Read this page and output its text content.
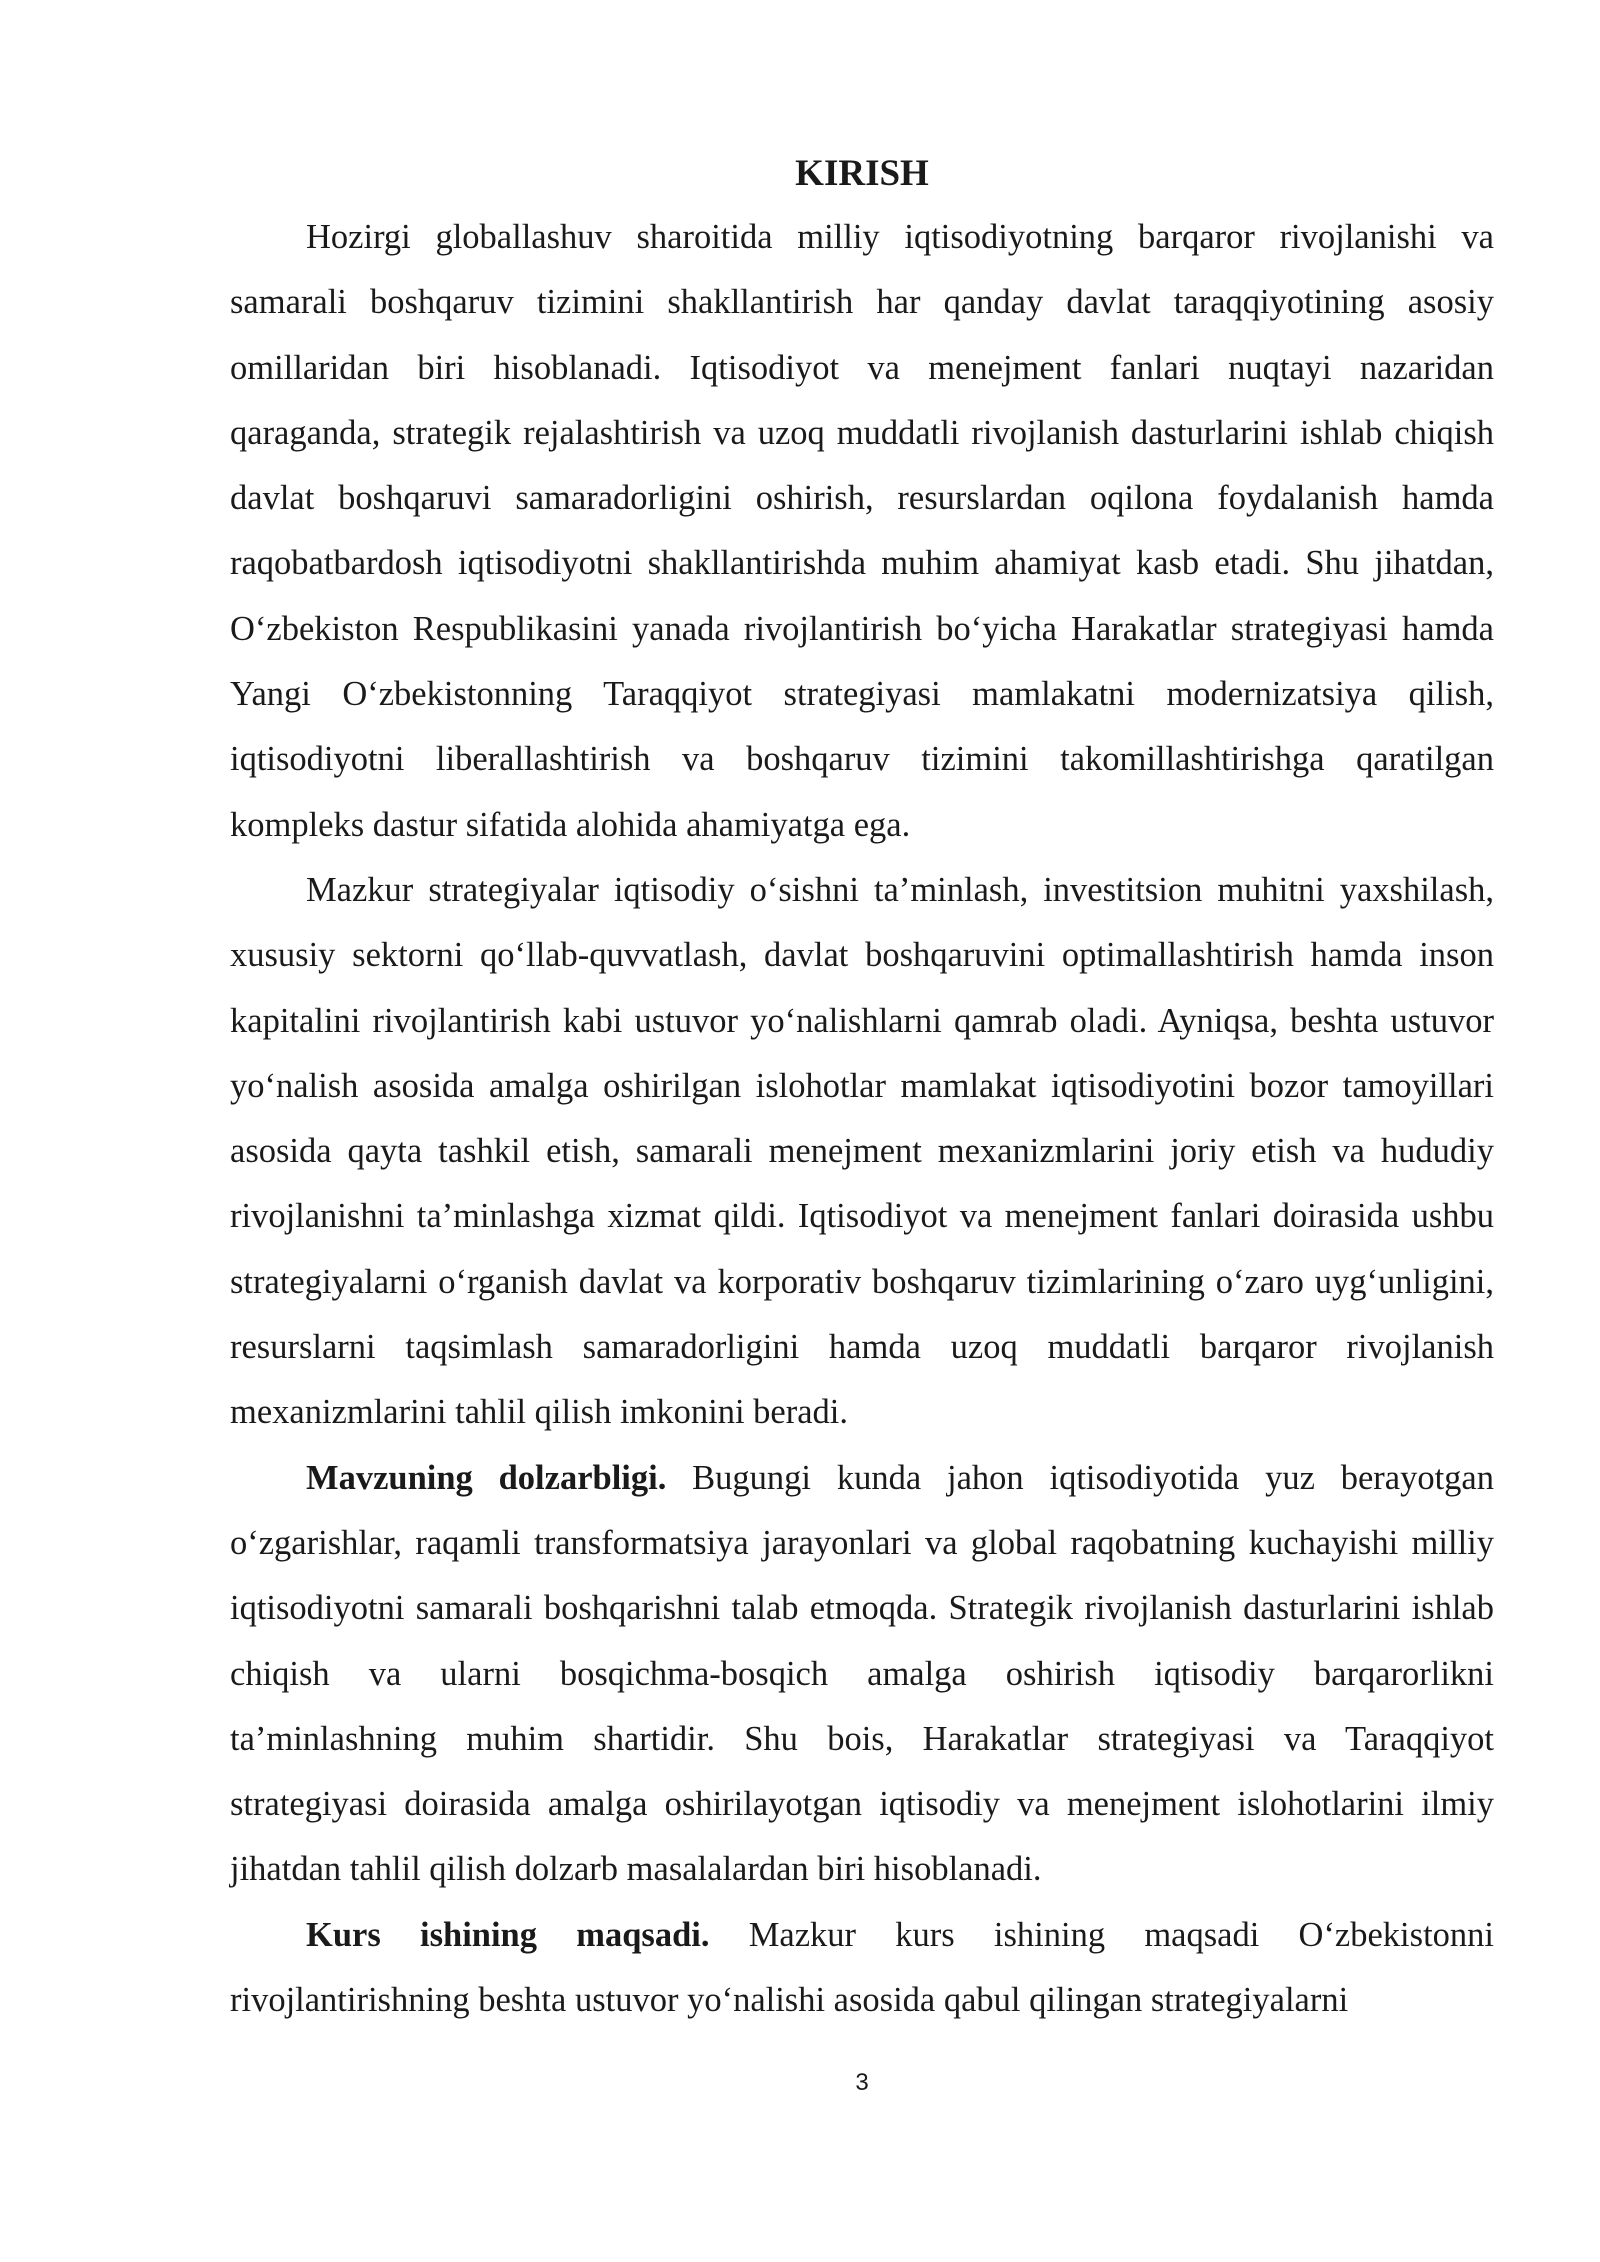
KIRISH

Hozirgi globallashuv sharoitida milliy iqtisodiyotning barqaror rivojlanishi va samarali boshqaruv tizimini shakllantirish har qanday davlat taraqqiyotining asosiy omillaridan biri hisoblanadi. Iqtisodiyot va menejment fanlari nuqtayi nazaridan qaraganda, strategik rejalashtirish va uzoq muddatli rivojlanish dasturlarini ishlab chiqish davlat boshqaruvi samaradorligini oshirish, resurslardan oqilona foydalanish hamda raqobatbardosh iqtisodiyotni shakllantirishda muhim ahamiyat kasb etadi. Shu jihatdan, O‘zbekiston Respublikasini yanada rivojlantirish bo‘yicha Harakatlar strategiyasi hamda Yangi O‘zbekistonning Taraqqiyot strategiyasi mamlakatni modernizatsiya qilish, iqtisodiyotni liberallashtirish va boshqaruv tizimini takomillashtirishga qaratilgan kompleks dastur sifatida alohida ahamiyatga ega.

Mazkur strategiyalar iqtisodiy o‘sishni ta’minlash, investitsion muhitni yaxshilash, xususiy sektorni qo‘llab-quvvatlash, davlat boshqaruvini optimallashtirish hamda inson kapitalini rivojlantirish kabi ustuvor yo‘nalishlarni qamrab oladi. Ayniqsa, beshta ustuvor yo‘nalish asosida amalga oshirilgan islohotlar mamlakat iqtisodiyotini bozor tamoyillari asosida qayta tashkil etish, samarali menejment mexanizmlarini joriy etish va hududiy rivojlanishni ta’minlashga xizmat qildi. Iqtisodiyot va menejment fanlari doirasida ushbu strategiyalarni o‘rganish davlat va korporativ boshqaruv tizimlarining o‘zaro uyg‘unligini, resurslarni taqsimlash samaradorligini hamda uzoq muddatli barqaror rivojlanish mexanizmlarini tahlil qilish imkonini beradi.

Mavzuning dolzarbligi. Bugungi kunda jahon iqtisodiyotida yuz berayotgan o‘zgarishlar, raqamli transformatsiya jarayonlari va global raqobatning kuchayishi milliy iqtisodiyotni samarali boshqarishni talab etmoqda. Strategik rivojlanish dasturlarini ishlab chiqish va ularni bosqichma-bosqich amalga oshirish iqtisodiy barqarorlikni ta’minlashning muhim shartidir. Shu bois, Harakatlar strategiyasi va Taraqqiyot strategiyasi doirasida amalga oshirilayotgan iqtisodiy va menejment islohotlarini ilmiy jihatdan tahlil qilish dolzarb masalalardan biri hisoblanadi.

Kurs ishining maqsadi. Mazkur kurs ishining maqsadi O‘zbekistonni rivojlantirishning beshta ustuvor yo‘nalishi asosida qabul qilingan strategiyalarni

3
